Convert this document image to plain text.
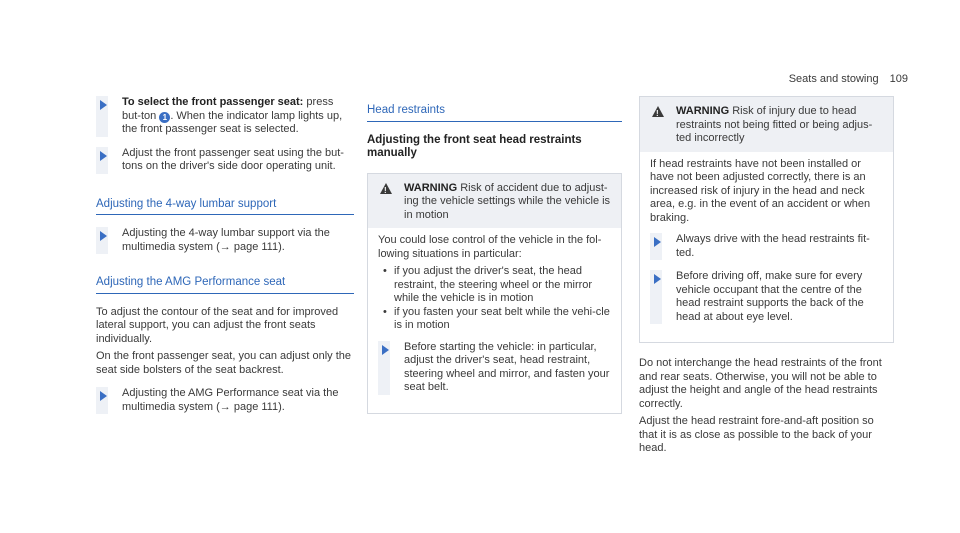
Seats and stowing 109

To select the front passenger seat: press but-ton 1 . When the indicator lamp lights up, the front passenger seat is selected.

Adjust the front passenger seat using the but-tons on the driver's side door operating unit.

Adjusting the 4-way lumbar support

Adjusting the 4-way lumbar support via the multimedia system (→ page 111).

Adjusting the AMG Performance seat

To adjust the contour of the seat and for improved lateral support, you can adjust the front seats individually.

On the front passenger seat, you can adjust only the seat side bolsters of the seat backrest.

Adjusting the AMG Performance seat via the multimedia system (→ page 111).

Head restraints
Adjusting the front seat head restraints manually
!
WARNING Risk of accident due to adjust-ing the vehicle settings while the vehicle is in motion

You could lose control of the vehicle in the fol-lowing situations in particular:

• if you adjust the driver's seat, the head restraint, the steering wheel or the mirror while the vehicle is in motion
• if you fasten your seat belt while the vehi-cle is in motion

Before starting the vehicle: in particular, adjust the driver's seat, head restraint, steering wheel and mirror, and fasten your seat belt.

!
WARNING Risk of injury due to head restraints not being fitted or being adjus-ted incorrectly

If head restraints have not been installed or have not been adjusted correctly, there is an increased risk of injury in the head and neck area, e.g. in the event of an accident or when braking.

Always drive with the head restraints fit-ted.

Before driving off, make sure for every vehicle occupant that the centre of the head restraint supports the back of the head at about eye level.

Do not interchange the head restraints of the front and rear seats. Otherwise, you will not be able to adjust the height and angle of the head restraints correctly.

Adjust the head restraint fore-and-aft position so that it is as close as possible to the back of your head.
